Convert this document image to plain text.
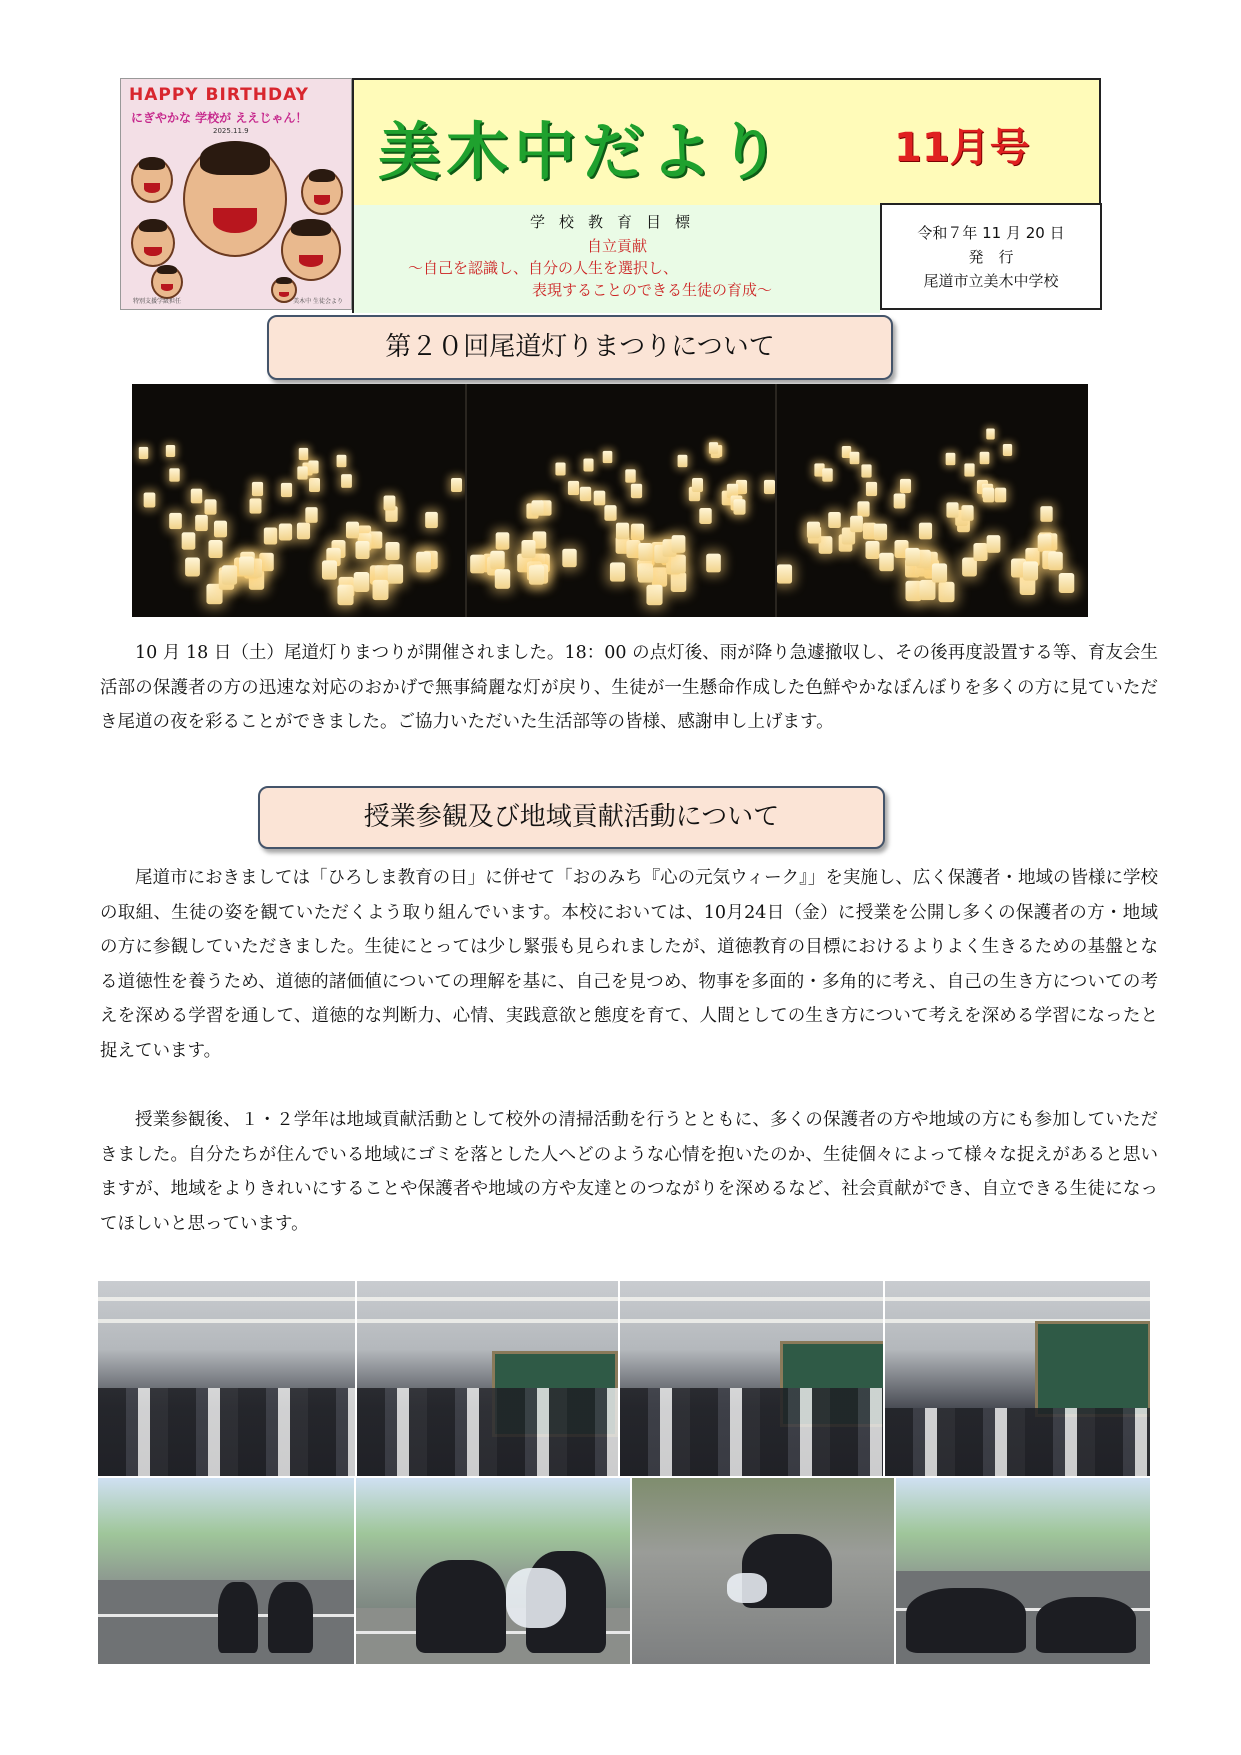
HAPPY BIRTHDAY
にぎやかな 学校が ええじゃん！
2025.11.9
特別支援学級担任	美木中 生徒会より
美木中だより	11月号
学校教育目標
自立貢献
～自己を認識し、自分の人生を選択し、
表現することのできる生徒の育成～
令和７年 11 月 20 日
発　行
尾道市立美木中学校
第２０回尾道灯りまつりについて
10 月 18 日（土）尾道灯りまつりが開催されました。18：00 の点灯後、雨が降り急遽撤収し、その後再度設置する等、育友会生活部の保護者の方の迅速な対応のおかげで無事綺麗な灯が戻り、生徒が一生懸命作成した色鮮やかなぼんぼりを多くの方に見ていただき尾道の夜を彩ることができました。ご協力いただいた生活部等の皆様、感謝申し上げます。
授業参観及び地域貢献活動について
尾道市におきましては「ひろしま教育の日」に併せて「おのみち『心の元気ウィーク』」を実施し、広く保護者・地域の皆様に学校の取組、生徒の姿を観ていただくよう取り組んでいます。本校においては、10月24日（金）に授業を公開し多くの保護者の方・地域の方に参観していただきました。生徒にとっては少し緊張も見られましたが、道徳教育の目標におけるよりよく生きるための基盤となる道徳性を養うため、道徳的諸価値についての理解を基に、自己を見つめ、物事を多面的・多角的に考え、自己の生き方についての考えを深める学習を通して、道徳的な判断力、心情、実践意欲と態度を育て、人間としての生き方について考えを深める学習になったと捉えています。
授業参観後、１・２学年は地域貢献活動として校外の清掃活動を行うとともに、多くの保護者の方や地域の方にも参加していただきました。自分たちが住んでいる地域にゴミを落とした人へどのような心情を抱いたのか、生徒個々によって様々な捉えがあると思いますが、地域をよりきれいにすることや保護者や地域の方や友達とのつながりを深めるなど、社会貢献ができ、自立できる生徒になってほしいと思っています。
